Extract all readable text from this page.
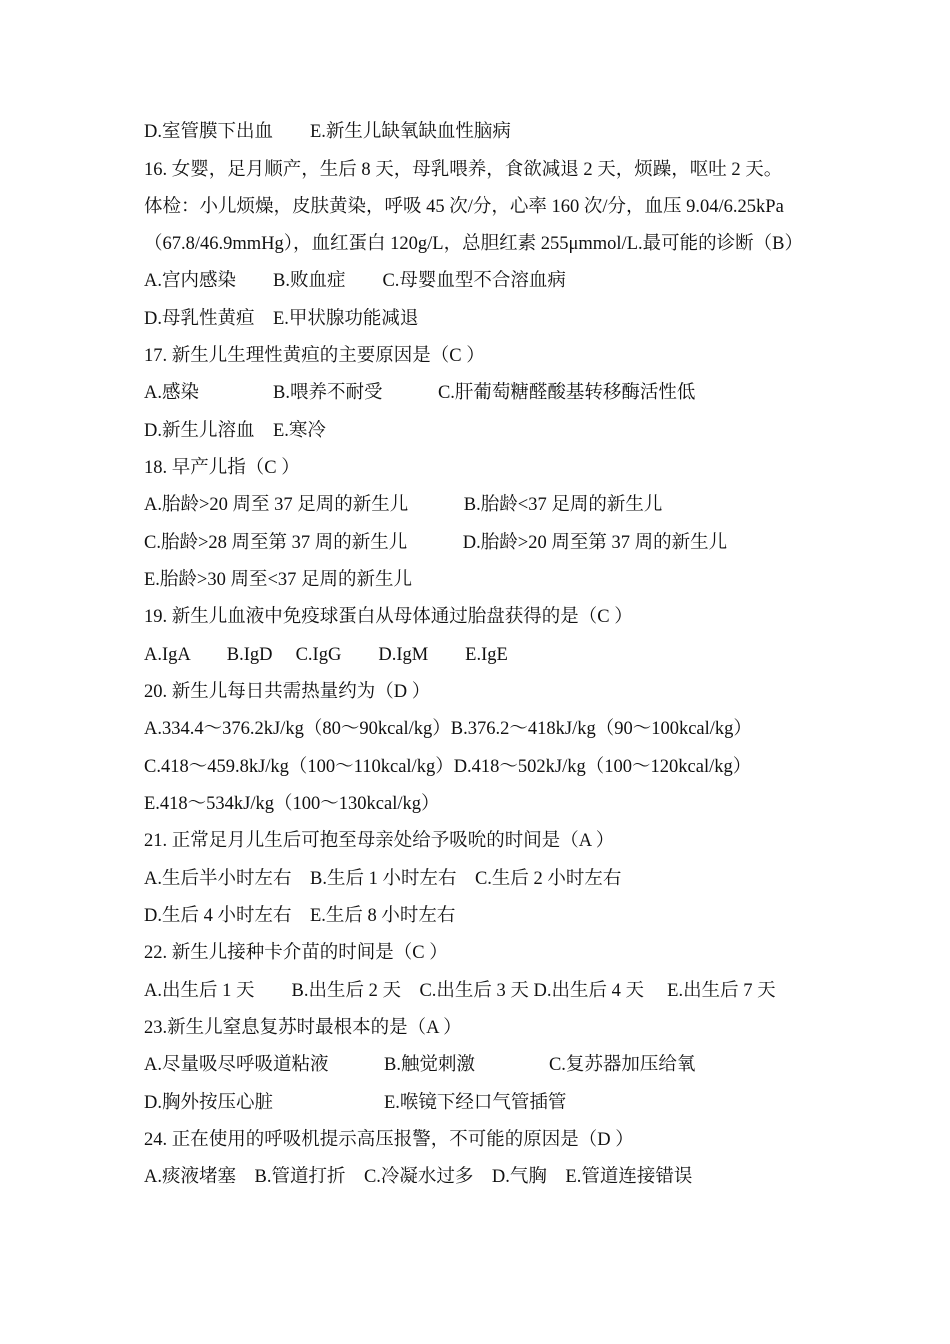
D.室管膜下出血　　E.新生儿缺氧缺血性脑病
16. 女婴，足月顺产，生后 8 天，母乳喂养，食欲减退 2 天，烦躁，呕吐 2 天。
体检：小儿烦燥，皮肤黄染，呼吸 45 次/分，心率 160 次/分，血压 9.04/6.25kPa
（67.8/46.9mmHg），血红蛋白 120g/L，总胆红素 255μmmol/L.最可能的诊断（B）
A.宫内感染　　B.败血症　　C.母婴血型不合溶血病
D.母乳性黄疸　E.甲状腺功能减退
17. 新生儿生理性黄疸的主要原因是（C ）
A.感染　　　　B.喂养不耐受　　　C.肝葡萄糖醛酸基转移酶活性低
D.新生儿溶血　E.寒冷
18. 早产儿指（C ）
A.胎龄>20 周至 37 足周的新生儿　　　B.胎龄<37 足周的新生儿
C.胎龄>28 周至第 37 周的新生儿　　　D.胎龄>20 周至第 37 周的新生儿
E.胎龄>30 周至<37 足周的新生儿
19. 新生儿血液中免疫球蛋白从母体通过胎盘获得的是（C ）
A.IgA　　B.IgD　 C.IgG　　D.IgM　　E.IgE
20. 新生儿每日共需热量约为（D ）
A.334.4～376.2kJ/kg（80～90kcal/kg）B.376.2～418kJ/kg（90～100kcal/kg）
C.418～459.8kJ/kg（100～110kcal/kg）D.418～502kJ/kg（100～120kcal/kg）
E.418～534kJ/kg（100～130kcal/kg）
21. 正常足月儿生后可抱至母亲处给予吸吮的时间是（A ）
A.生后半小时左右　B.生后 1 小时左右　C.生后 2 小时左右
D.生后 4 小时左右　E.生后 8 小时左右
22. 新生儿接种卡介苗的时间是（C ）
A.出生后 1 天　　B.出生后 2 天　C.出生后 3 天 D.出生后 4 天　 E.出生后 7 天
23.新生儿窒息复苏时最根本的是（A ）
A.尽量吸尽呼吸道粘液　　　B.触觉刺激　　　　C.复苏器加压给氧
D.胸外按压心脏　　　　　　E.喉镜下经口气管插管
24. 正在使用的呼吸机提示高压报警，不可能的原因是（D ）
A.痰液堵塞　B.管道打折　C.冷凝水过多　D.气胸　E.管道连接错误
